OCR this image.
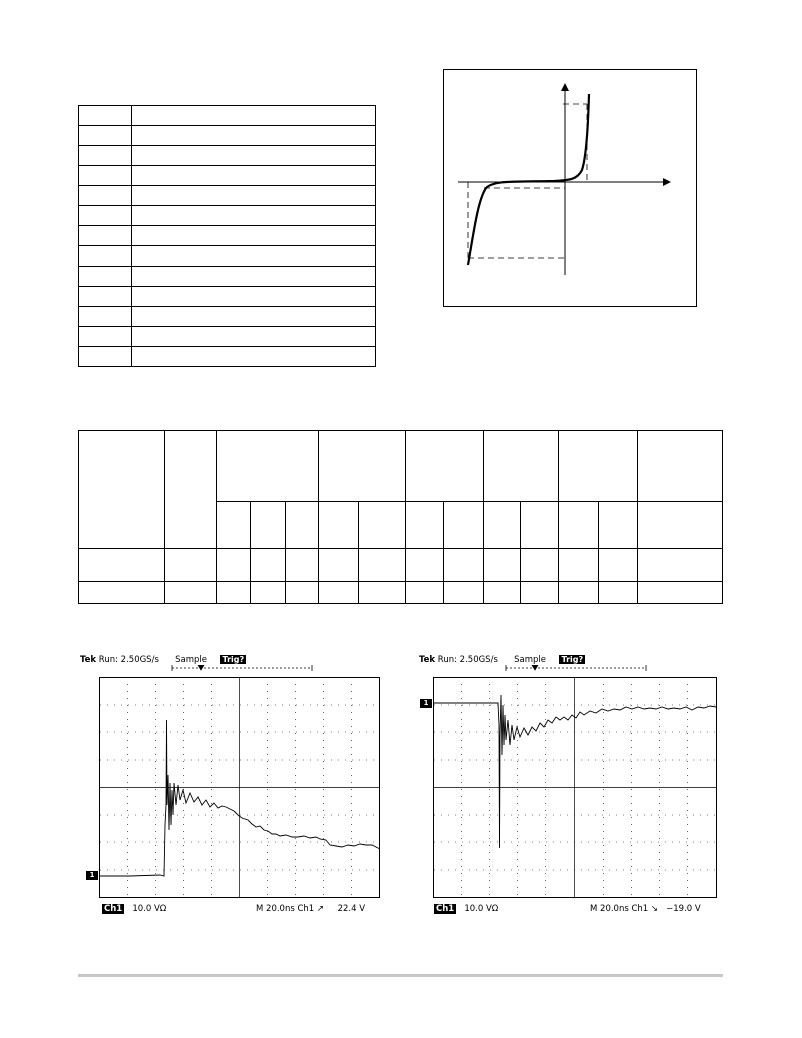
Tek Run: 2.50GS/s Sample Trig?
1
Ch1 10.0 VΩ	M 20.0ns Ch1 ↗ 22.4 V
Tek Run: 2.50GS/s Sample Trig?
1
Ch1 10.0 VΩ	M 20.0ns Ch1 ↘ −19.0 V
